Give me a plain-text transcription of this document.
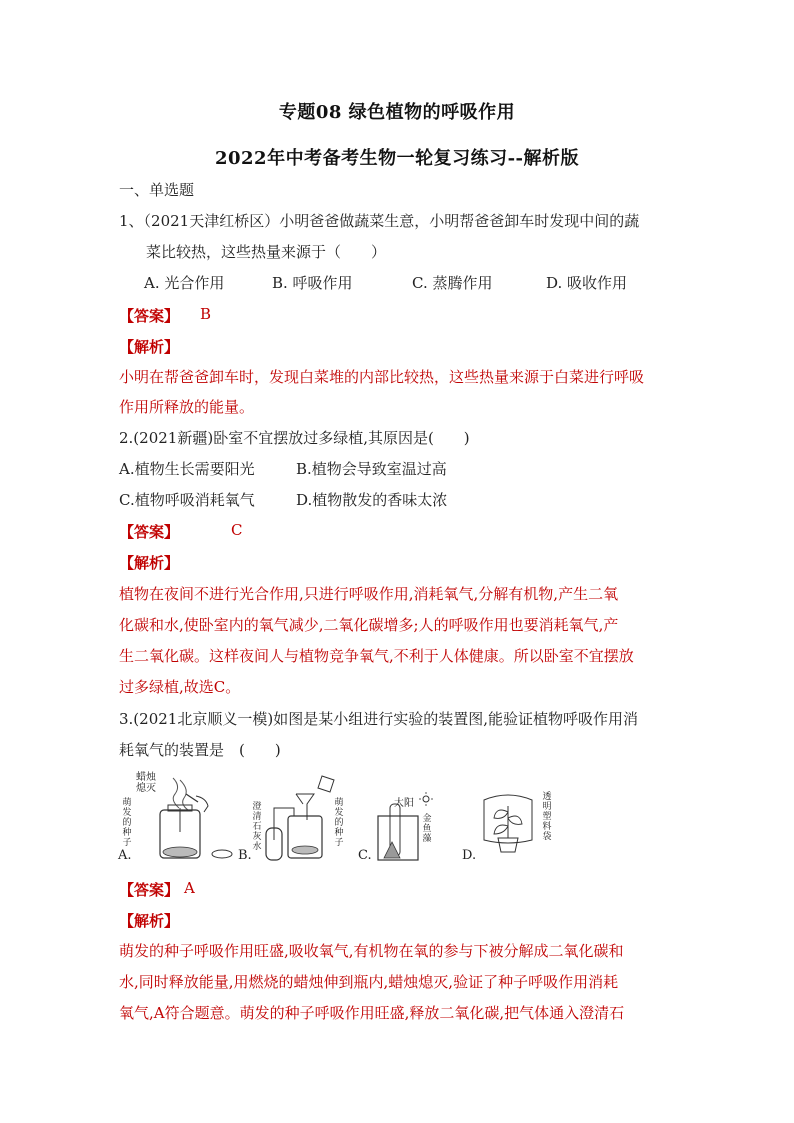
专题08 绿色植物的呼吸作用
2022年中考备考生物一轮复习练习--解析版
一、单选题
1、（2021天津红桥区）小明爸爸做蔬菜生意，小明帮爸爸卸车时发现中间的蔬
菜比较热，这些热量来源于（　　）
A. 光合作用	B. 呼吸作用	C. 蒸腾作用	D. 吸收作用
【答案】 B
【解析】
小明在帮爸爸卸车时，发现白菜堆的内部比较热，这些热量来源于白菜进行呼吸
作用所释放的能量。
2.(2021新疆)卧室不宜摆放过多绿植,其原因是(　　)
A.植物生长需要阳光	B.植物会导致室温过高
C.植物呼吸消耗氧气	D.植物散发的香味太浓
【答案】	C
【解析】
植物在夜间不进行光合作用,只进行呼吸作用,消耗氧气,分解有机物,产生二氧
化碳和水,使卧室内的氧气减少,二氧化碳增多;人的呼吸作用也要消耗氧气,产
生二氧化碳。这样夜间人与植物竞争氧气,不利于人体健康。所以卧室不宜摆放
过多绿植,故选C。
3.(2021北京顺义一模)如图是某小组进行实验的装置图,能验证植物呼吸作用消
耗氧气的装置是　(　　)
蜡烛熄灭
萌发的种子
A.
澄清石灰水
萌发的种子
B.
太阳
金鱼藻
C.
透明塑料袋
D.
【答案】 A
【解析】
萌发的种子呼吸作用旺盛,吸收氧气,有机物在氧的参与下被分解成二氧化碳和
水,同时释放能量,用燃烧的蜡烛伸到瓶内,蜡烛熄灭,验证了种子呼吸作用消耗
氧气,A符合题意。萌发的种子呼吸作用旺盛,释放二氧化碳,把气体通入澄清石
